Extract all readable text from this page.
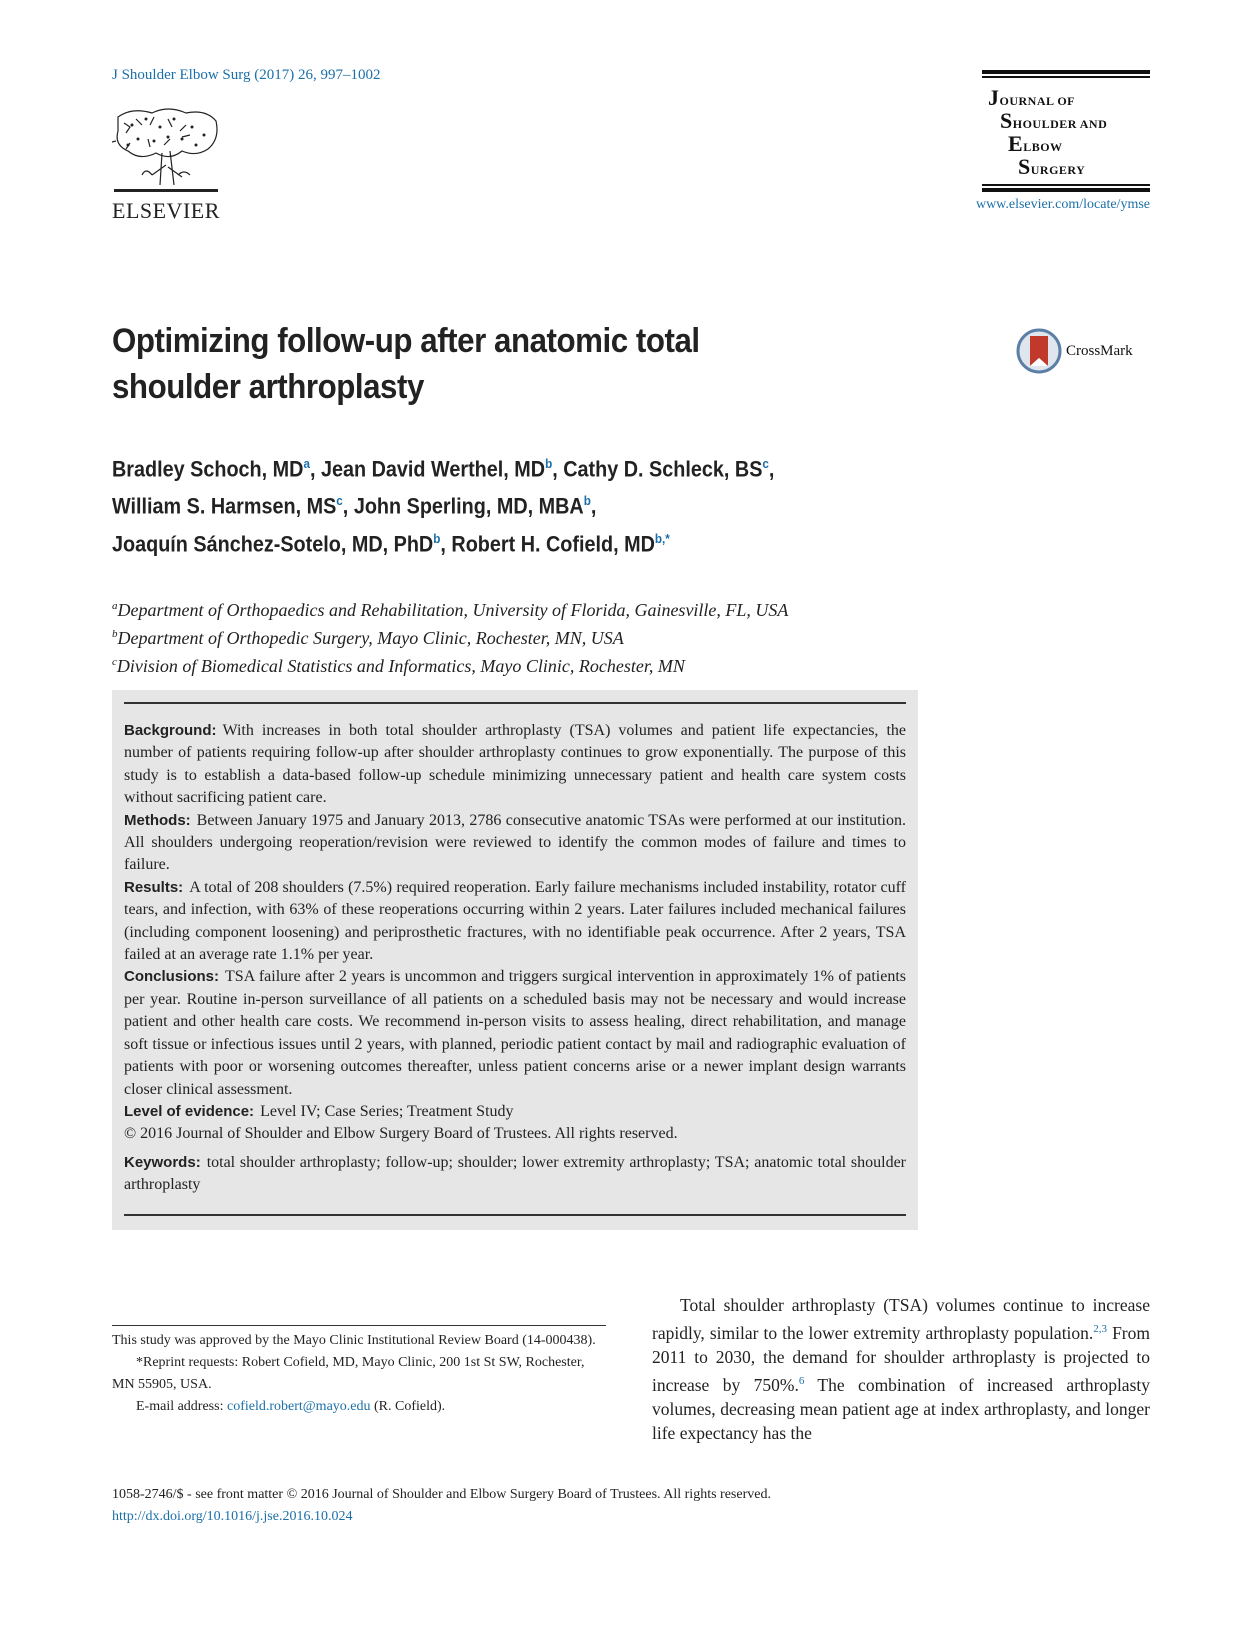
J Shoulder Elbow Surg (2017) 26, 997–1002
ELSEVIER
JOURNAL OF
SHOULDER AND
ELBOW
SURGERY
www.elsevier.com/locate/ymse
Optimizing follow-up after anatomic total shoulder arthroplasty
CrossMark
Bradley Schoch, $MD^a$, Jean David Werthel, $MD^b$, Cathy D. Schleck, $BS^c$,
William S. Harmsen, $MS^c$, John Sperling, MD, MBA$^b$,
Joaquín Sánchez-Sotelo, MD, PhD$^b$, Robert H. Cofield, $MD^{b,*}$
$^a$Department of Orthopaedics and Rehabilitation, University of Florida, Gainesville, FL, USA
$^b$Department of Orthopedic Surgery, Mayo Clinic, Rochester, MN, USA
$^c$Division of Biomedical Statistics and Informatics, Mayo Clinic, Rochester, MN

Background: With increases in both total shoulder arthroplasty (TSA) volumes and patient life expectancies, the number of patients requiring follow-up after shoulder arthroplasty continues to grow exponentially. The purpose of this study is to establish a data-based follow-up schedule minimizing unnecessary patient and health care system costs without sacrificing patient care.

Methods: Between January 1975 and January 2013, 2786 consecutive anatomic TSAs were performed at our institution. All shoulders undergoing reoperation/revision were reviewed to identify the common modes of failure and times to failure.

Results: A total of 208 shoulders (7.5%) required reoperation. Early failure mechanisms included instability, rotator cuff tears, and infection, with 63% of these reoperations occurring within 2 years. Later failures included mechanical failures (including component loosening) and periprosthetic fractures, with no identifiable peak occurrence. After 2 years, TSA failed at an average rate 1.1% per year.

Conclusions: TSA failure after 2 years is uncommon and triggers surgical intervention in approximately 1% of patients per year. Routine in-person surveillance of all patients on a scheduled basis may not be necessary and would increase patient and other health care costs. We recommend in-person visits to assess healing, direct rehabilitation, and manage soft tissue or infectious issues until 2 years, with planned, periodic patient contact by mail and radiographic evaluation of patients with poor or worsening outcomes thereafter, unless patient concerns arise or a newer implant design warrants closer clinical assessment.

Level of evidence: Level IV; Case Series; Treatment Study

© 2016 Journal of Shoulder and Elbow Surgery Board of Trustees. All rights reserved.

Keywords: total shoulder arthroplasty; follow-up; shoulder; lower extremity arthroplasty; TSA; anatomic total shoulder arthroplasty

This study was approved by the Mayo Clinic Institutional Review Board (14-000438).

*Reprint requests: Robert Cofield, MD, Mayo Clinic, 200 1st St SW, Rochester, MN 55905, USA.

E-mail address: cofield.robert@mayo.edu (R. Cofield).

Total shoulder arthroplasty (TSA) volumes continue to increase rapidly, similar to the lower extremity arthroplasty population.$^{2,3}$ From 2011 to 2030, the demand for shoulder arthroplasty is projected to increase by 750%.$^6$ The combination of increased arthroplasty volumes, decreasing mean patient age at index arthroplasty, and longer life expectancy has the
1058-2746/$ - see front matter © 2016 Journal of Shoulder and Elbow Surgery Board of Trustees. All rights reserved.
http://dx.doi.org/10.1016/j.jse.2016.10.024
